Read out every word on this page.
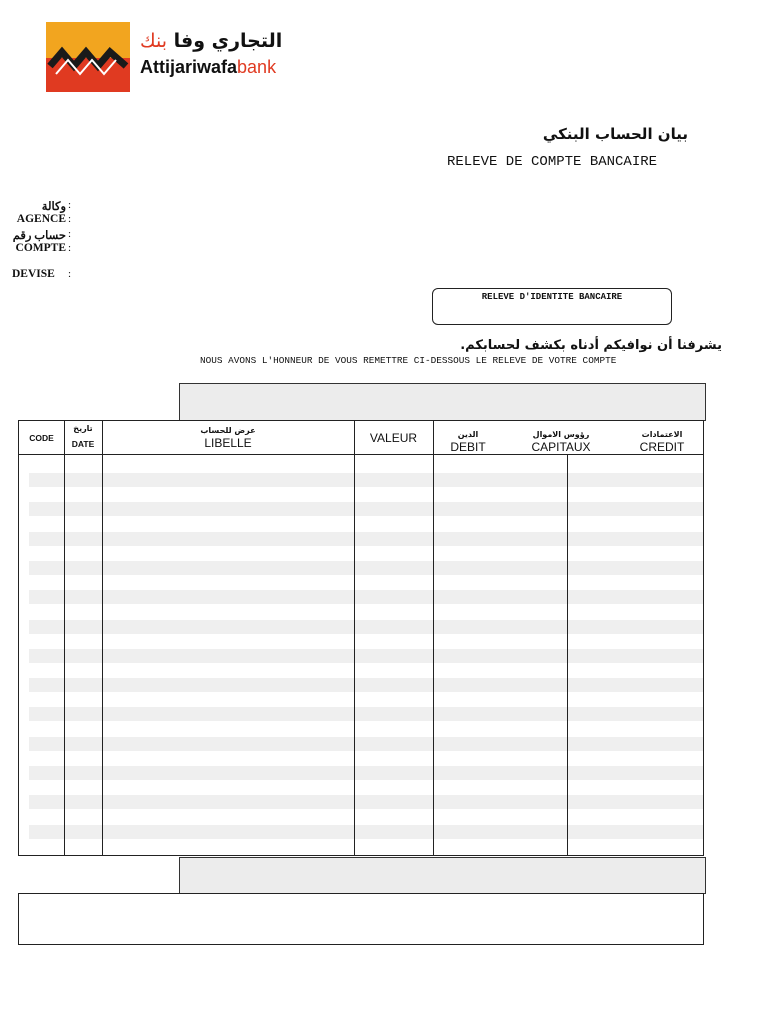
التجاري وفا بنك
Attijariwafabank
بيان الحساب البنكي
RELEVE DE COMPTE BANCAIRE
وكالة :
AGENCE :
حساب رقم :
COMPTE :
DEVISE :
RELEVE D'IDENTITE BANCAIRE
يشرفنا أن نوافيكم أدناه بكشف لحسابكم.
NOUS AVONS L'HONNEUR DE VOUS REMETTRE CI-DESSOUS LE RELEVE DE VOTRE COMPTE
CODE
تاريخ
DATE
عرض للحساب
LIBELLE	VALEUR	الدين
DEBIT
رؤوس الاموال
CAPITAUX
الاعتمادات
CREDIT
